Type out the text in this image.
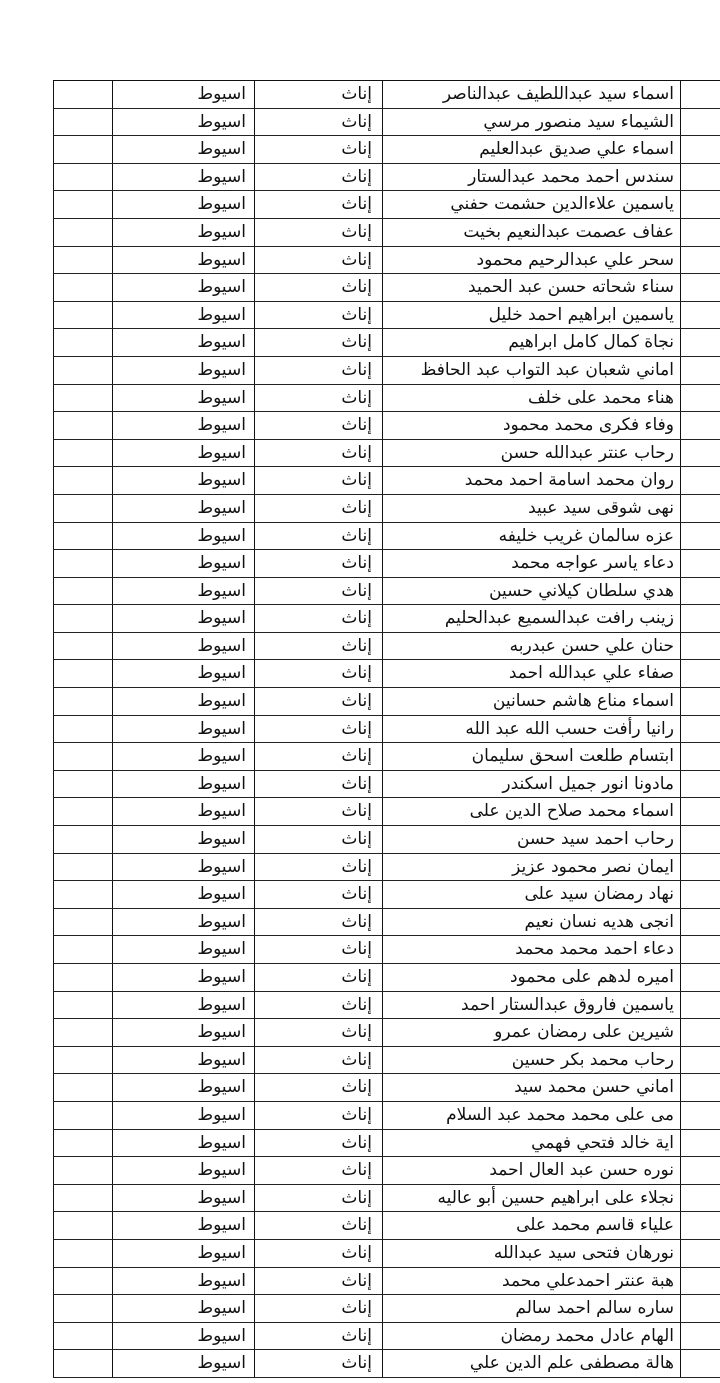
اسماء سيد عبداللطيف عبدالناصر
إناث
اسيوط
الشيماء سيد منصور مرسي
إناث
اسيوط
اسماء علي صديق عبدالعليم
إناث
اسيوط
سندس احمد محمد عبدالستار
إناث
اسيوط
ياسمين علاءالدين حشمت حفني
إناث
اسيوط
عفاف عصمت عبدالنعيم بخيت
إناث
اسيوط
سحر علي عبدالرحيم محمود
إناث
اسيوط
سناء شحاته حسن عبد الحميد
إناث
اسيوط
ياسمين ابراهيم احمد خليل
إناث
اسيوط
نجاة كمال كامل ابراهيم
إناث
اسيوط
اماني شعبان عبد التواب عبد الحافظ
إناث
اسيوط
هناء محمد على خلف
إناث
اسيوط
وفاء فكرى محمد محمود
إناث
اسيوط
رحاب عنتر عبدالله حسن
إناث
اسيوط
روان محمد اسامة احمد محمد
إناث
اسيوط
نهى شوقى سيد عبيد
إناث
اسيوط
عزه سالمان غريب خليفه
إناث
اسيوط
دعاء ياسر عواجه محمد
إناث
اسيوط
هدي سلطان كيلاني حسين
إناث
اسيوط
زينب رافت عبدالسميع عبدالحليم
إناث
اسيوط
حنان علي حسن عبدربه
إناث
اسيوط
صفاء علي عبدالله احمد
إناث
اسيوط
اسماء مناع هاشم حسانين
إناث
اسيوط
رانيا رأفت حسب الله عبد الله
إناث
اسيوط
ابتسام طلعت اسحق سليمان
إناث
اسيوط
مادونا انور جميل اسكندر
إناث
اسيوط
اسماء محمد صلاح الدين على
إناث
اسيوط
رحاب احمد سيد حسن
إناث
اسيوط
ايمان نصر محمود عزيز
إناث
اسيوط
نهاد رمضان سيد على
إناث
اسيوط
انجى هديه نسان نعيم
إناث
اسيوط
دعاء احمد محمد محمد
إناث
اسيوط
اميره لدهم على محمود
إناث
اسيوط
ياسمين فاروق عبدالستار احمد
إناث
اسيوط
شيرين على رمضان عمرو
إناث
اسيوط
رحاب محمد بكر حسين
إناث
اسيوط
اماني حسن محمد سيد
إناث
اسيوط
مى على محمد محمد عبد السلام
إناث
اسيوط
اية خالد فتحي فهمي
إناث
اسيوط
نوره حسن عبد العال احمد
إناث
اسيوط
نجلاء على ابراهيم حسين أبو عاليه
إناث
اسيوط
علياء قاسم محمد على
إناث
اسيوط
نورهان فتحى سيد عبدالله
إناث
اسيوط
هبة عنتر احمدعلي محمد
إناث
اسيوط
ساره سالم احمد سالم
إناث
اسيوط
الهام عادل محمد رمضان
إناث
اسيوط
هالة مصطفى علم الدين علي
إناث
اسيوط
